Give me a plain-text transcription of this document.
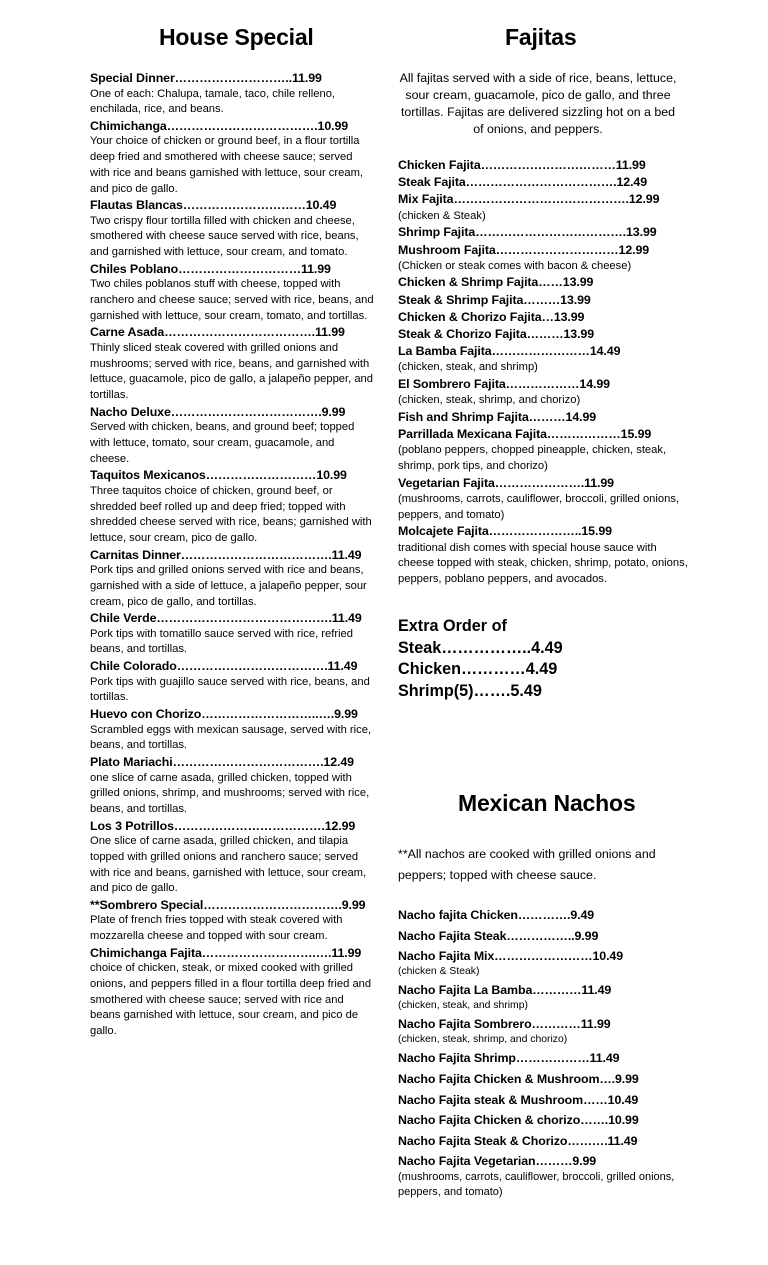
House Special
Special Dinner………………………..11.99
One of each: Chalupa, tamale, taco, chile relleno, enchilada, rice, and beans.
Chimichanga……………………………….10.99
Your choice of chicken or ground beef, in a flour tortilla deep fried and smothered with cheese sauce; served with rice and beans garnished with lettuce, sour cream, and pico de gallo.
Flautas Blancas…………………………10.49
Two crispy flour tortilla filled with chicken and cheese, smothered with cheese sauce served with rice, beans, and garnished with lettuce, sour cream, and tomato.
Chiles Poblano…………………………11.99
Two chiles poblanos stuff with cheese, topped with ranchero and cheese sauce; served with rice, beans, and garnished with lettuce, sour cream, tomato, and tortillas.
Carne Asada……………………………….11.99
Thinly sliced steak covered with grilled onions and mushrooms; served with rice, beans, and garnished with lettuce, guacamole, pico de gallo, a jalapeño pepper, and tortillas.
Nacho Deluxe……………………………….9.99
Served with chicken, beans, and ground beef; topped with lettuce, tomato, sour cream, guacamole, and cheese.
Taquitos Mexicanos………………………10.99
Three taquitos choice of chicken, ground beef, or shredded beef rolled up and deep fried; topped with shredded cheese served with rice, beans; garnished with lettuce, sour cream, pico de gallo.
Carnitas Dinner……………………………….11.49
Pork tips and grilled onions served with rice and beans, garnished with a side of lettuce, a jalapeño pepper, sour cream, pico de gallo, and tortillas.
Chile Verde…………………………………….11.49
Pork tips with tomatillo sauce served with rice, refried beans, and tortillas.
Chile Colorado……………………………….11.49
Pork tips with guajillo sauce served with rice, beans, and tortillas.
Huevo con Chorizo………………………..….9.99
Scrambled eggs with mexican sausage, served with rice, beans, and tortillas.
Plato Mariachi……………………………….12.49
one slice of carne asada, grilled chicken, topped with grilled onions, shrimp, and mushrooms; served with rice, beans, and tortillas.
Los 3 Potrillos……………………………….12.99
One slice of carne asada, grilled chicken, and tilapia topped with grilled onions and ranchero sauce; served with rice and beans, garnished with lettuce, sour cream, and pico de gallo.
**Sombrero Special…………………………….9.99
Plate of french fries topped with steak covered with mozzarella cheese and topped with sour cream.
Chimichanga Fajita……………………….….11.99
choice of chicken, steak, or mixed cooked with grilled onions, and peppers filled in a flour tortilla deep fried and smothered with cheese sauce; served with rice and beans garnished with lettuce, sour cream, and pico de gallo.
Fajitas
All fajitas served with a side of rice, beans, lettuce, sour cream, guacamole, pico de gallo, and three tortillas. Fajitas are delivered sizzling hot on a bed of onions, and peppers.
Chicken Fajita……………………………11.99
Steak Fajita……………………………….12.49
Mix Fajita…………………………………….12.99
(chicken & Steak)
Shrimp Fajita……………………………….13.99
Mushroom Fajita…………………………12.99
(Chicken or steak comes with bacon & cheese)
Chicken & Shrimp Fajita……13.99
Steak & Shrimp Fajita………13.99
Chicken & Chorizo Fajita…13.99
Steak & Chorizo Fajita………13.99
La Bamba Fajita……………………14.49
(chicken, steak, and shrimp)
El Sombrero Fajita………………14.99
(chicken, steak, shrimp, and chorizo)
Fish and Shrimp Fajita………14.99
Parrillada Mexicana Fajita………………15.99
(poblano peppers, chopped pineapple, chicken, steak, shrimp, pork tips, and chorizo)
Vegetarian Fajita………………….11.99
(mushrooms, carrots, cauliflower, broccoli, grilled onions, peppers, and tomato)
Molcajete Fajita…………………..15.99
traditional dish comes with special house sauce with cheese topped with steak, chicken, shrimp, potato, onions, peppers, poblano peppers, and avocados.
Extra Order of
Steak……………..4.49
Chicken…………4.49
Shrimp(5)…….5.49
Mexican Nachos
**All nachos are cooked with grilled onions and peppers; topped with cheese sauce.
Nacho fajita Chicken………….9.49
Nacho Fajita Steak……………..9.99
Nacho Fajita Mix……………………10.49
(chicken & Steak)
Nacho Fajita La Bamba…………11.49
(chicken, steak, and shrimp)
Nacho Fajita Sombrero…………11.99
(chicken, steak, shrimp, and chorizo)
Nacho Fajita Shrimp………………11.49
Nacho Fajita Chicken & Mushroom….9.99
Nacho Fajita steak & Mushroom……10.49
Nacho Fajita Chicken & chorizo…….10.99
Nacho Fajita Steak & Chorizo……….11.49
Nacho Fajita Vegetarian………9.99
(mushrooms, carrots, cauliflower, broccoli, grilled onions, peppers, and tomato)
